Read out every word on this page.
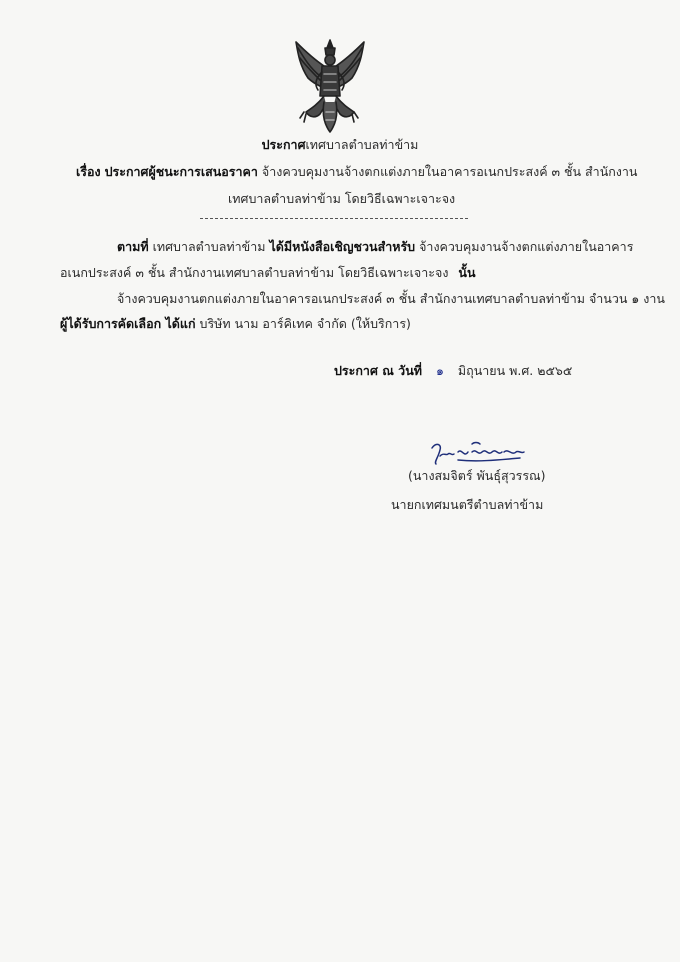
ประกาศเทศบาลตำบลท่าข้าม
เรื่อง ประกาศผู้ชนะการเสนอราคา จ้างควบคุมงานจ้างตกแต่งภายในอาคารอเนกประสงค์ ๓ ชั้น สำนักงาน
เทศบาลตำบลท่าข้าม โดยวิธีเฉพาะเจาะจง
ตามที่ เทศบาลตำบลท่าข้าม ได้มีหนังสือเชิญชวนสำหรับ จ้างควบคุมงานจ้างตกแต่งภายในอาคาร
อเนกประสงค์ ๓ ชั้น สำนักงานเทศบาลตำบลท่าข้าม โดยวิธีเฉพาะเจาะจง นั้น
จ้างควบคุมงานตกแต่งภายในอาคารอเนกประสงค์ ๓ ชั้น สำนักงานเทศบาลตำบลท่าข้าม จำนวน ๑ งาน
ผู้ได้รับการคัดเลือก ได้แก่ บริษัท นาม อาร์คิเทค จำกัด (ให้บริการ)
ประกาศ ณ วันที่ ๑ มิถุนายน พ.ศ. ๒๕๖๕
(นางสมจิตร์ พันธุ์สุวรรณ)
นายกเทศมนตรีตำบลท่าข้าม
